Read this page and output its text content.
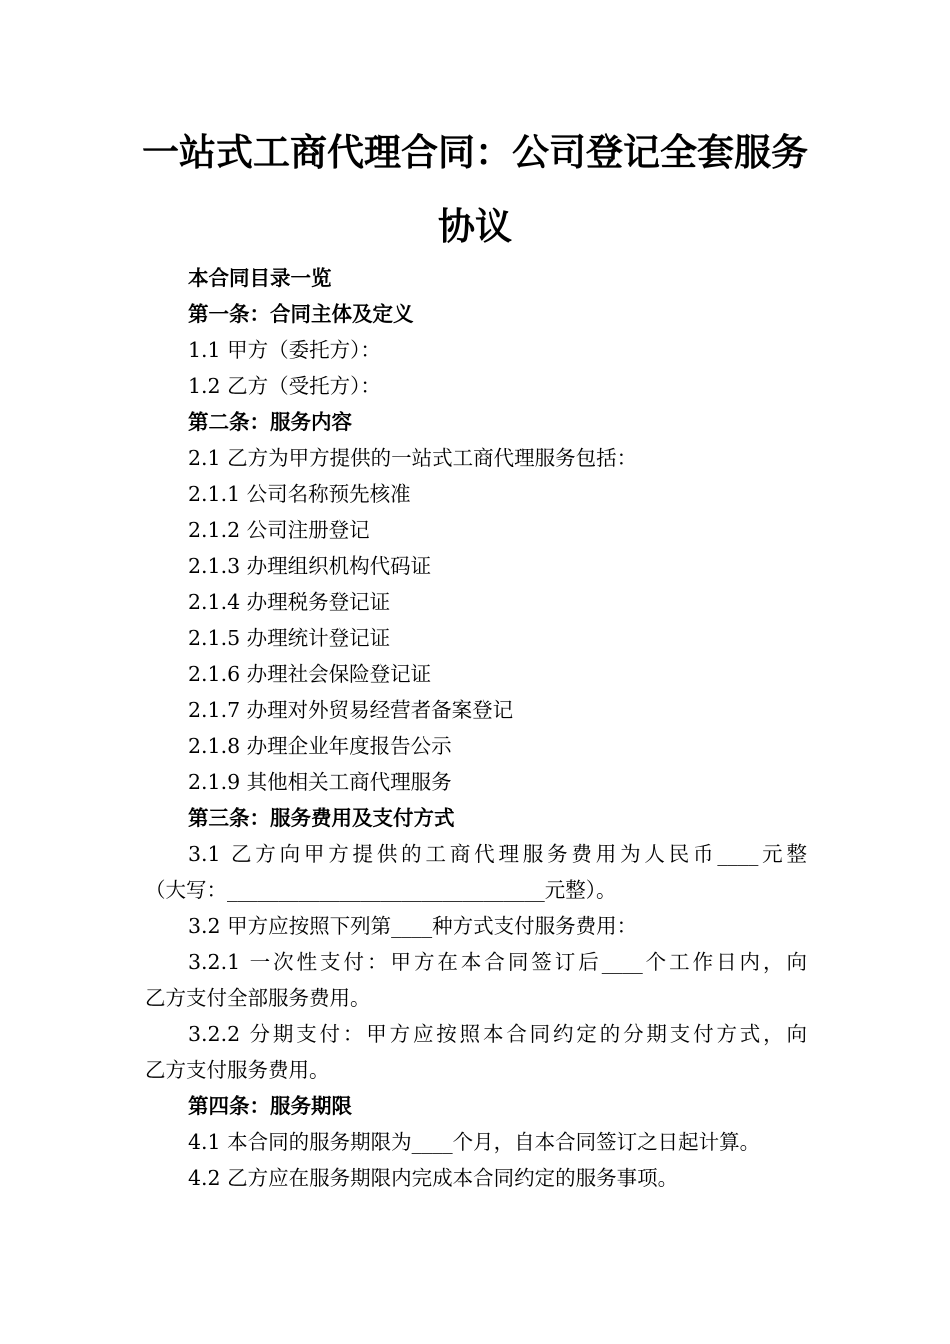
一站式工商代理合同：公司登记全套服务
协议

本合同目录一览

第一条：合同主体及定义

1.1 甲方（委托方）：

1.2 乙方（受托方）：

第二条：服务内容

2.1 乙方为甲方提供的一站式工商代理服务包括：

2.1.1 公司名称预先核准

2.1.2 公司注册登记

2.1.3 办理组织机构代码证

2.1.4 办理税务登记证

2.1.5 办理统计登记证

2.1.6 办理社会保险登记证

2.1.7 办理对外贸易经营者备案登记

2.1.8 办理企业年度报告公示

2.1.9 其他相关工商代理服务

第三条：服务费用及支付方式

3.1 乙方向甲方提供的工商代理服务费用为人民币____元整

（大写：_______________________________元整）。

3.2 甲方应按照下列第____种方式支付服务费用：

3.2.1 一次性支付：甲方在本合同签订后____个工作日内，向

乙方支付全部服务费用。

3.2.2 分期支付：甲方应按照本合同约定的分期支付方式，向

乙方支付服务费用。

第四条：服务期限

4.1 本合同的服务期限为____个月，自本合同签订之日起计算。

4.2 乙方应在服务期限内完成本合同约定的服务事项。
